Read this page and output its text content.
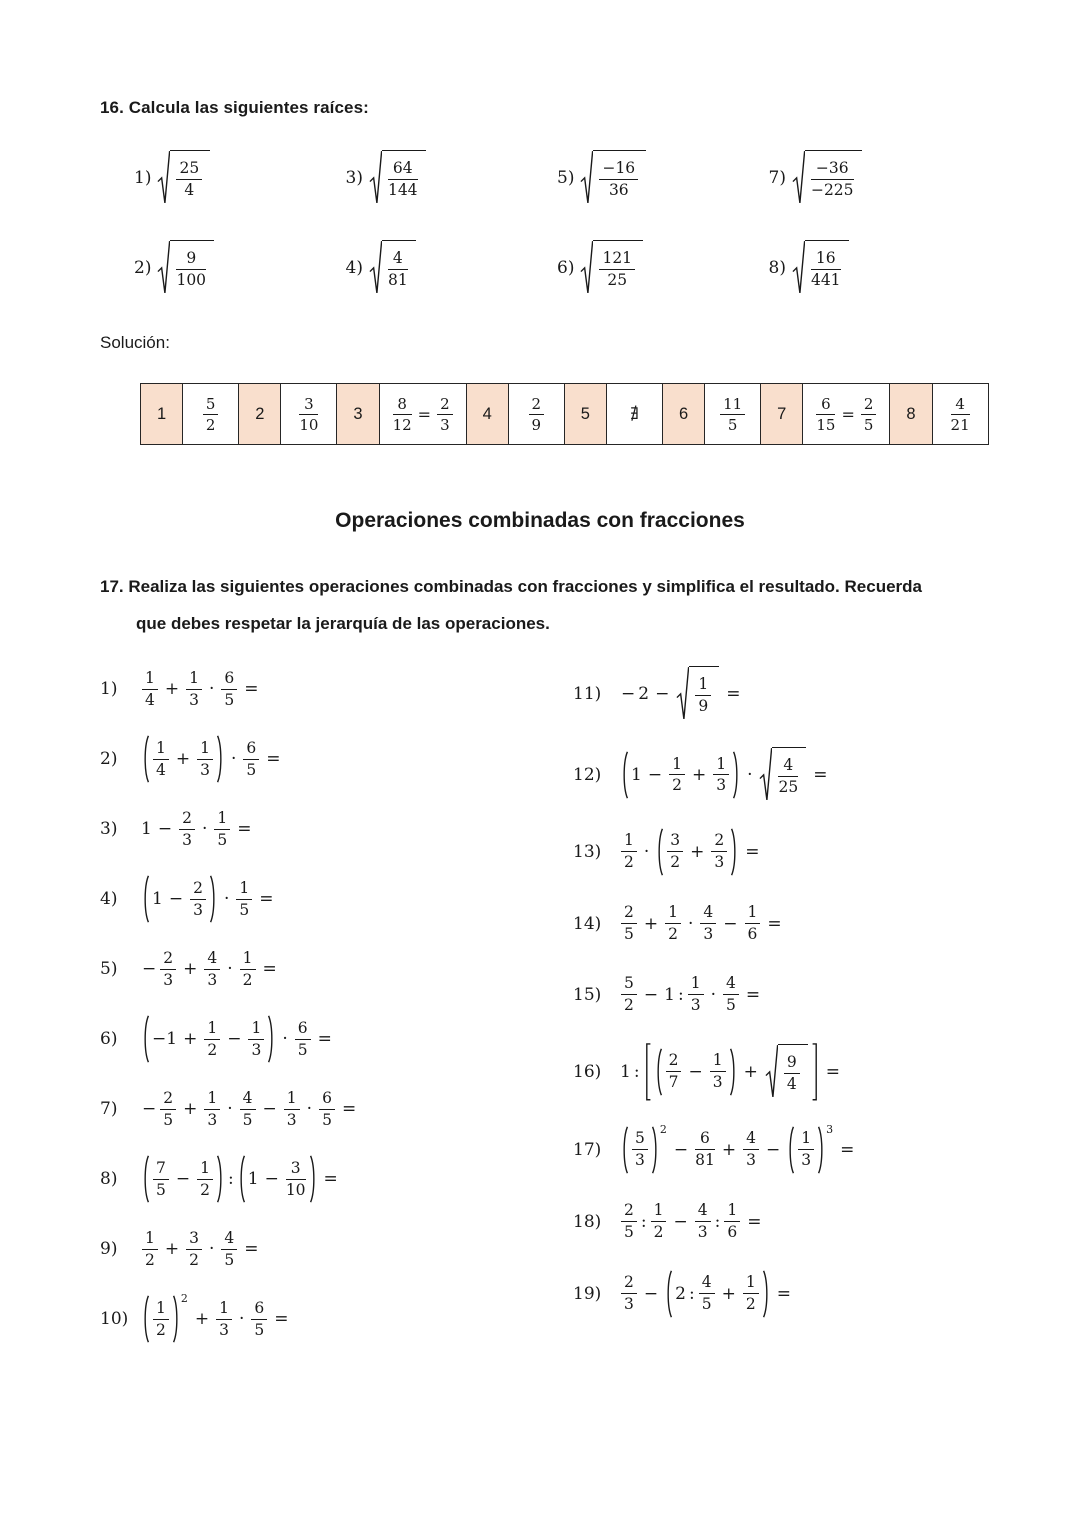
16. Calcula las siguientes raíces:
$1) \frac{25}{4}$
$2) \frac{9}{100}$
$3) \frac{64}{144}$
$4) \frac{4}{81}$
$5) \frac{-16}{36}$
$6) \frac{121}{25}$
$7) \frac{-36}{-225}$
$8) \frac{16}{441}$
Solución:
1	$\frac{5}{2}$	2	$\frac{3}{10}$	3	$\frac{8}{12} = \frac{2}{3}$	4	$\frac{2}{9}$	5	∄	6	$\frac{11}{5}$	7	$\frac{6}{15} = \frac{2}{5}$	8	$\frac{4}{21}$
Operaciones combinadas con fracciones
17. Realiza las siguientes operaciones combinadas con fracciones y simplifica el resultado. Recuerda
que debes respetar la jerarquía de las operaciones.
1)	$\frac{1}{4} + \frac{1}{3} \cdot \frac{6}{5}$ =
2)	$\frac{1}{4} + \frac{1}{3} \cdot \frac{6}{5}$ =
3)	$1 - \frac{2}{3} \cdot \frac{1}{5}$ =
4)	$1 - \frac{2}{3} \cdot \frac{1}{5}$ =
5)	− $\frac{2}{3} + \frac{4}{3} \cdot \frac{1}{2}$ =
6)	$-1 + \frac{1}{2} - \frac{1}{3} \cdot \frac{6}{5}$ =
7)	− $\frac{2}{5} + \frac{1}{3} \cdot \frac{4}{5} - \frac{1}{3} \cdot \frac{6}{5}$ =
8)	$\frac{7}{5} - \frac{1}{2}$ : $1 - \frac{3}{10}$ =
9)	$\frac{1}{2} + \frac{3}{2} \cdot \frac{4}{5}$ =
10)	$\frac{1}{2}$
2
+ $\frac{1}{3} \cdot \frac{6}{5}$ =
11)	− $2 - \frac{1}{9}$ =
12)	$1 - \frac{1}{2} + \frac{1}{3} \cdot \frac{4}{25}$ =
13)	$\frac{1}{2} \cdot \frac{3}{2} + \frac{2}{3}$ =
14)	$\frac{2}{5} + \frac{1}{2} \cdot \frac{4}{3} - \frac{1}{6}$ =
15)	$\frac{5}{2} - 1$ : $\frac{1}{3} \cdot \frac{4}{5}$ =
16)	1 : $\frac{2}{7} - \frac{1}{3} + \frac{9}{4}$ =
17)	$\frac{5}{3}$
2
− $\frac{6}{81} + \frac{4}{3} - \frac{1}{3}$
3
=
18)	$\frac{2}{5}$ : $\frac{1}{2} - \frac{4}{3}$ : $\frac{1}{6}$ =
19)	$\frac{2}{3} - 2$ : $\frac{4}{5} + \frac{1}{2}$ =
